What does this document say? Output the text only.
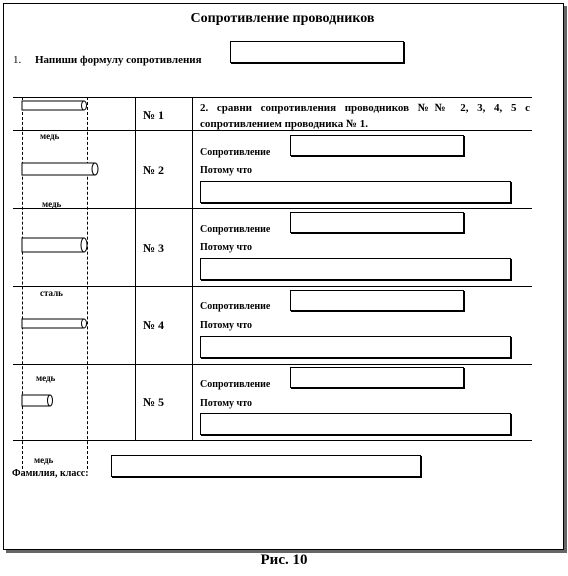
Сопротивление проводников
1. Напиши формулу сопротивления
медь
медь
сталь
медь
медь
№ 1
№ 2
№ 3
№ 4
№ 5
2. сравни сопротивления проводников №№ 2, 3, 4, 5 с сопротивлением проводника № 1.
Сопротивление
Потому что
Сопротивление
Потому что
Сопротивление
Потому что
Сопротивление
Потому что
Фамилия, класс:
Рис. 10
